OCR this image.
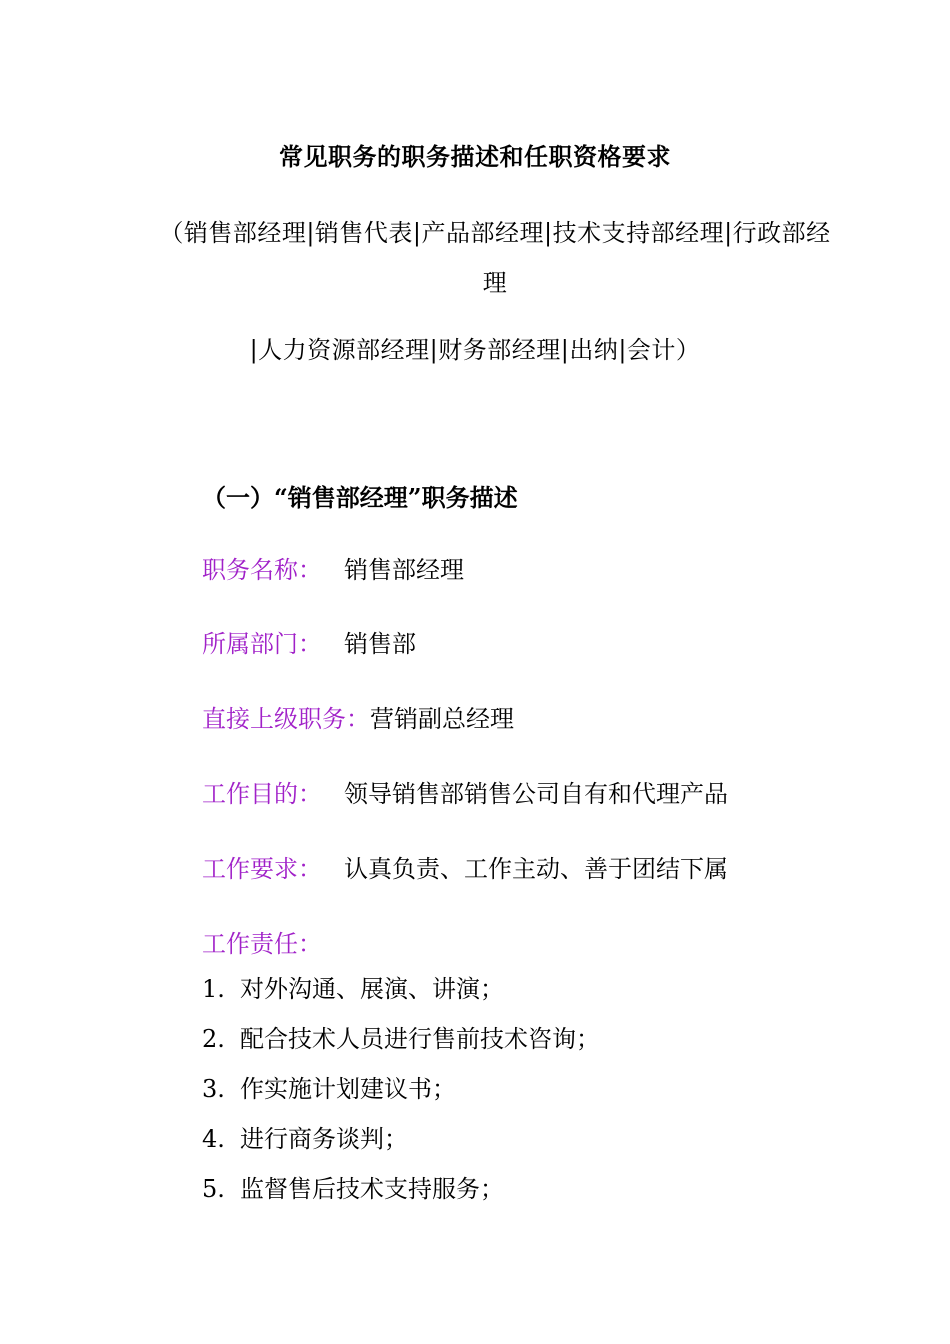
常见职务的职务描述和任职资格要求
（销售部经理|销售代表|产品部经理|技术支持部经理|行政部经理
|人力资源部经理|财务部经理|出纳|会计）
（一）“销售部经理”职务描述
职务名称： 销售部经理
所属部门： 销售部
直接上级职务：营销副总经理
工作目的： 领导销售部销售公司自有和代理产品
工作要求： 认真负责、工作主动、善于团结下属
工作责任：
1. 对外沟通、展演、讲演；
2. 配合技术人员进行售前技术咨询；
3. 作实施计划建议书；
4. 进行商务谈判；
5. 监督售后技术支持服务；
